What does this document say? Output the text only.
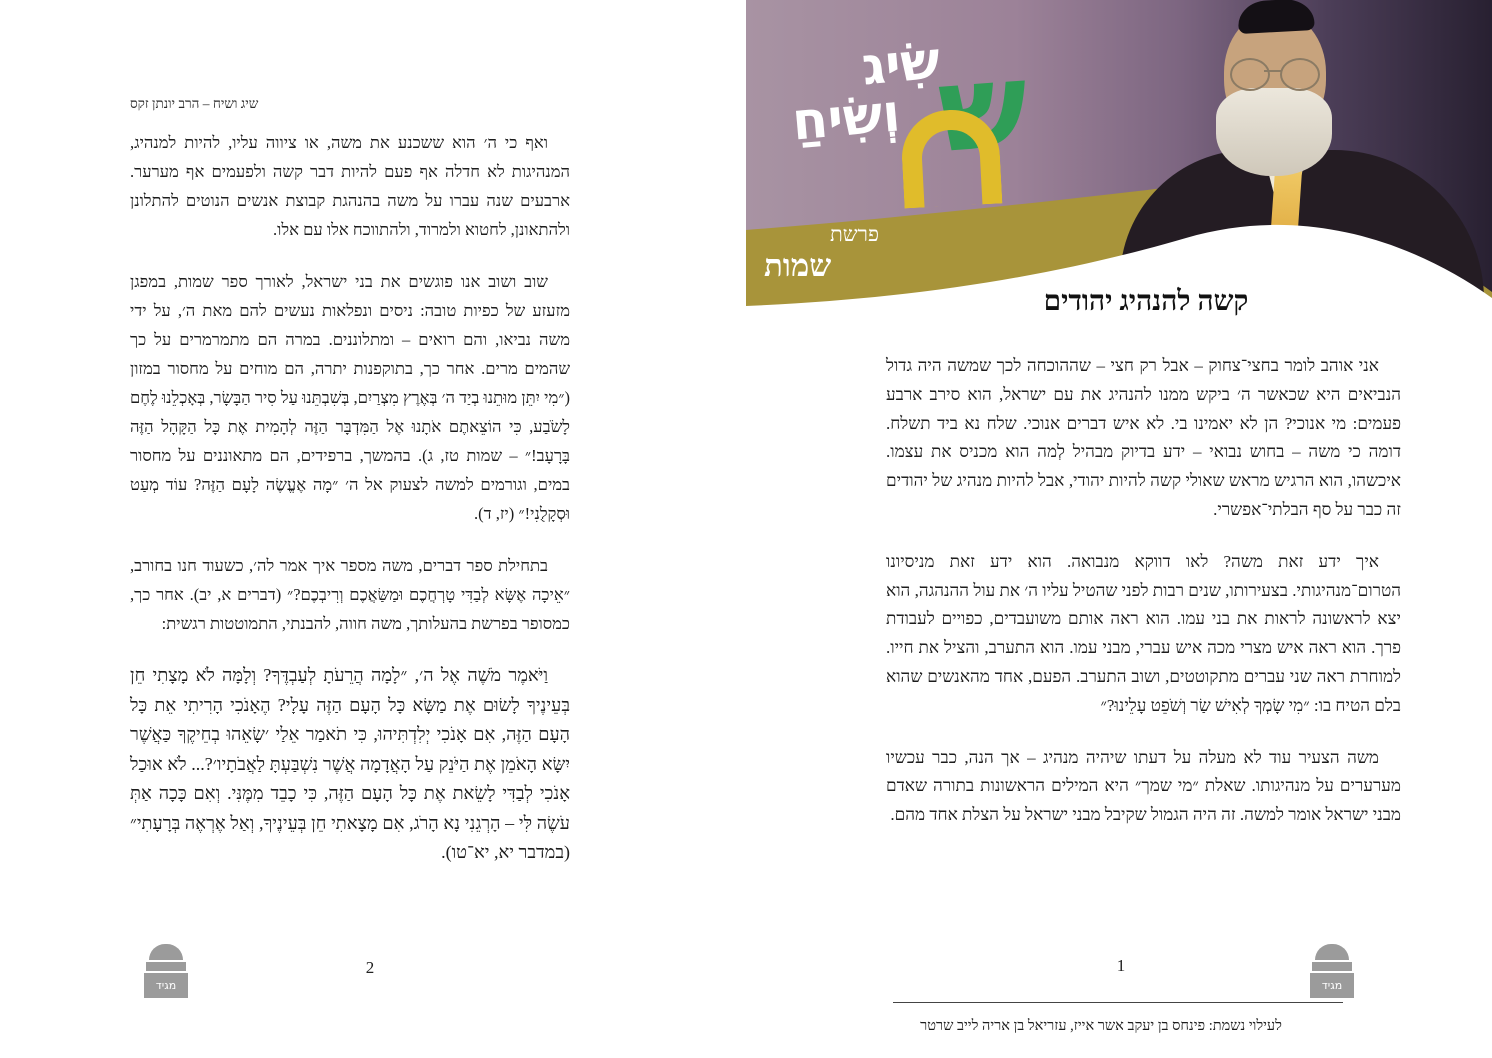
שיג ושיח – הרב יונתן זקס

ואף כי ה׳ הוא ששכנע את משה, או ציווה עליו, להיות למנהיג, המנהיגות לא חדלה אף פעם להיות דבר קשה ולפעמים אף מערער. ארבעים שנה עברו על משה בהנהגת קבוצת אנשים הנוטים להתלונן ולהתאונן, לחטוא ולמרוד, ולהתווכח אלו עם אלו.

שוב ושוב אנו פוגשים את בני ישראל, לאורך ספר שמות, במפגן מזעזע של כפיות טובה: ניסים ונפלאות נעשים להם מאת ה׳, על ידי משה נביאו, והם רואים – ומתלוננים. במרה הם מתמרמרים על כך שהמים מרים. אחר כך, בתוקפנות יתרה, הם מוחים על מחסור במזון (״מִי יִתֵּן מוּתֵנוּ בְיַד ה׳ בְּאֶרֶץ מִצְרַיִם, בְּשִׁבְתֵּנוּ עַל סִיר הַבָּשָׂר, בְּאָכְלֵנוּ לֶחֶם לָשֹׂבַע, כִּי הוֹצֵאתֶם אֹתָנוּ אֶל הַמִּדְבָּר הַזֶּה לְהָמִית אֶת כָּל הַקָּהָל הַזֶּה בָּרָעָב!״ – שמות טז, ג). בהמשך, ברפידים, הם מתאוננים על מחסור במים, וגורמים למשה לצעוק אל ה׳ ״מָה אֶעֱשֶׂה לָעָם הַזֶּה? עוֹד מְעַט וּסְקָלֻנִי!״ (יז, ד).

בתחילת ספר דברים, משה מספר איך אמר לה׳, כשעוד חנו בחורב, ״אֵיכָה אֶשָּׂא לְבַדִּי טָרְחֲכֶם וּמַשַּׂאֲכֶם וְרִיבְכֶם?״ (דברים א, יב). אחר כך, כמסופר בפרשת בהעלותך, משה חווה, להבנתי, התמוטטות רגשית:

וַיֹּאמֶר מֹשֶׁה אֶל ה׳, ״לָמָה הֲרֵעֹתָ לְעַבְדֶּךָ? וְלָמָּה לֹא מָצָתִי חֵן בְּעֵינֶיךָ לָשׂוּם אֶת מַשָּׂא כָּל הָעָם הַזֶּה עָלָי? הֶאָנֹכִי הָרִיתִי אֵת כָּל הָעָם הַזֶּה, אִם אָנֹכִי יְלִדְתִּיהוּ, כִּי תֹאמַר אֵלַי ׳שָׂאֵהוּ בְחֵיקֶךָ כַּאֲשֶׁר יִשָּׂא הָאֹמֵן אֶת הַיֹּנֵק עַל הָאֲדָמָה אֲשֶׁר נִשְׁבַּעְתָּ לַאֲבֹתָיו׳?... לֹא אוּכַל אָנֹכִי לְבַדִּי לָשֵׂאת אֶת כָּל הָעָם הַזֶּה, כִּי כָבֵד מִמֶּנִּי. וְאִם כָּכָה אַתְּ עֹשֶׂה לִּי – הָרְגֵנִי נָא הָרֹג, אִם מָצָאתִי חֵן בְּעֵינֶיךָ, וְאַל אֶרְאֶה בְּרָעָתִי״ (במדבר יא, יא־טו).

מגיד
2
ש
שִׂיג
וְשִׂיחַ
פרשת
שמות
קשה להנהיג יהודים

אני אוהב לומר בחצי־צחוק – אבל רק חצי – שההוכחה לכך שמשה היה גדול הנביאים היא שכאשר ה׳ ביקש ממנו להנהיג את עם ישראל, הוא סירב ארבע פעמים: מי אנוכי? הן לא יאמינו בי. לא איש דברים אנוכי. שלח נא ביד תשלח. דומה כי משה – בחוש נבואי – ידע בדיוק מבהיל לְמה הוא מכניס את עצמו. איכשהו, הוא הרגיש מראש שאולי קשה להיות יהודי, אבל להיות מנהיג של יהודים זה כבר על סף הבלתי־אפשרי.

איך ידע זאת משה? לאו דווקא מנבואה. הוא ידע זאת מניסיונו הטרום־מנהיגותי. בצעירותו, שנים רבות לפני שהטיל עליו ה׳ את עול ההנהגה, הוא יצא לראשונה לראות את בני עמו. הוא ראה אותם משועבדים, כפויים לעבודת פרך. הוא ראה איש מצרי מכה איש עברי, מבני עמו. הוא התערב, והציל את חייו. למוחרת ראה שני עברים מתקוטטים, ושוב התערב. הפעם, אחד מהאנשים שהוא בלם הטיח בו: ״מִי שָׂמְךָ לְאִישׁ שַׂר וְשֹׁפֵט עָלֵינוּ?״

משה הצעיר עוד לא מעלה על דעתו שיהיה מנהיג – אך הנה, כבר עכשיו מערערים על מנהיגותו. שאלת ״מי שמך״ היא המילים הראשונות בתורה שאדם מבני ישראל אומר למשה. זה היה הגמול שקיבל מבני ישראל על הצלת אחד מהם.

1
מגיד
לעילוי נשמת: פינחס בן יעקב אשר אייז, עזריאל בן אריה לייב שרטר
